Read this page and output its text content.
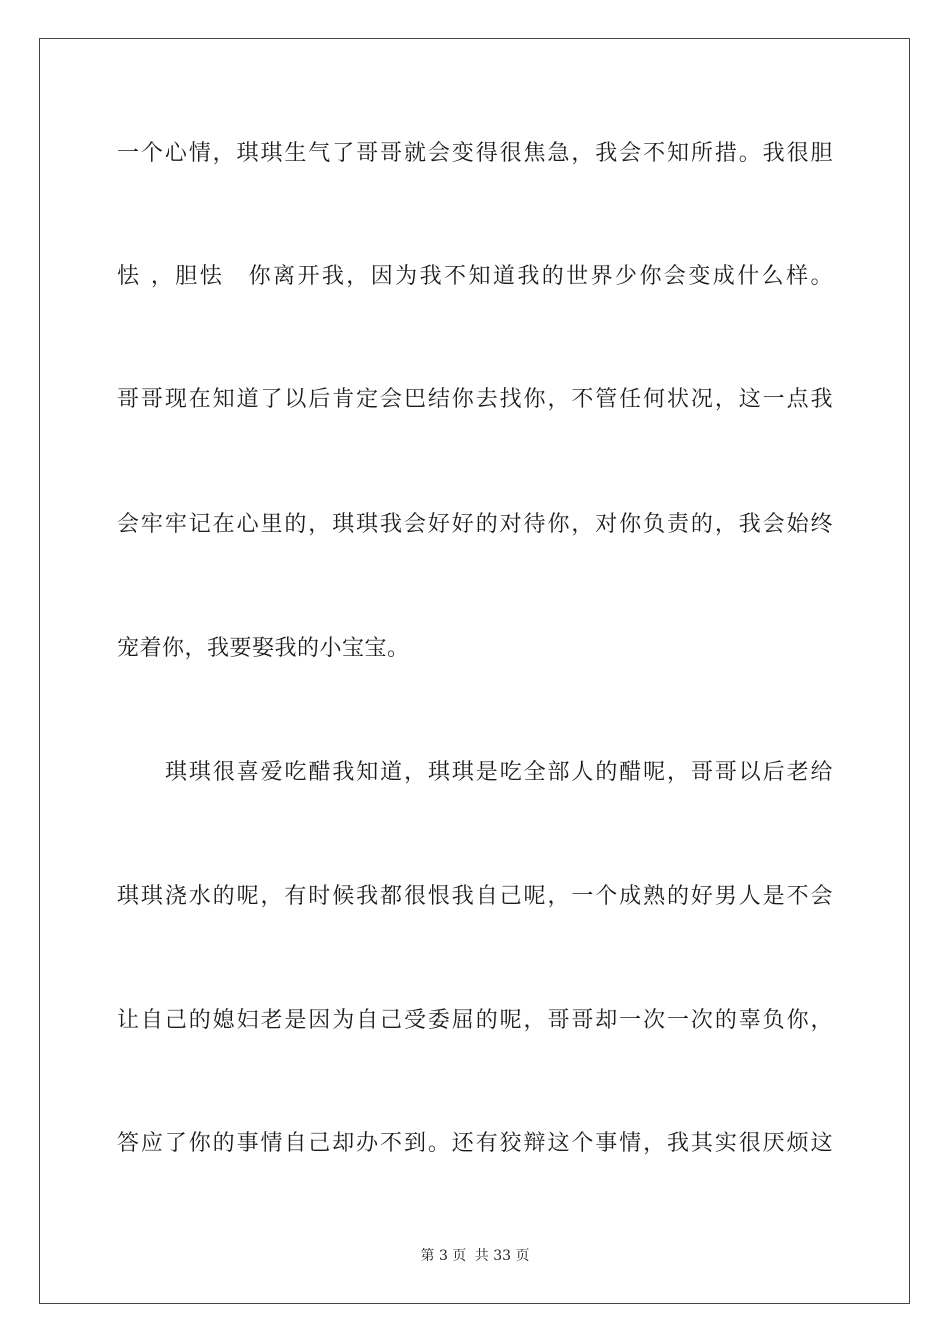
一个心情，琪琪生气了哥哥就会变得很焦急，我会不知所措。我很胆
怯 ，胆怯　你离开我，因为我不知道我的世界少你会变成什么样。
哥哥现在知道了以后肯定会巴结你去找你，不管任何状况，这一点我
会牢牢记在心里的，琪琪我会好好的对待你，对你负责的，我会始终
宠着你，我要娶我的小宝宝。
琪琪很喜爱吃醋我知道，琪琪是吃全部人的醋呢，哥哥以后老给
琪琪浇水的呢，有时候我都很恨我自己呢，一个成熟的好男人是不会
让自己的媳妇老是因为自己受委屈的呢，哥哥却一次一次的辜负你，
答应了你的事情自己却办不到。还有狡辩这个事情，我其实很厌烦这
第 3 页 共 33 页
